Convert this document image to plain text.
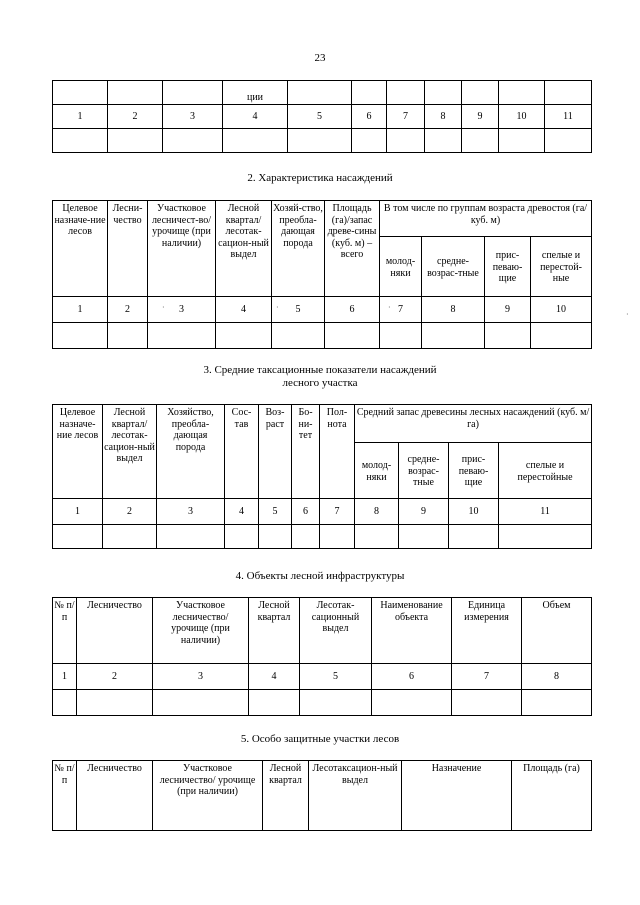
23
			ции							
1	2	3	4	5	6	7	8	9	10	11

2. Характеристика насаждений
Целевое назначе-ние лесов	Лесни-чество	Участковое лесничест-во/урочище (при наличии)	Лесной квартал/ лесотак-сацион-ный выдел	Хозяй-ство, преобла-дающая порода	Площадь (га)/запас древе-сины (куб. м) – всего	В том числе по группам возраста древостоя (га/куб. м)			
						молод-няки	средне-возрас-тные	прис-певаю-щие	спелые и перестой-ные
1	2	3	4	5	6	7	8	9	10

3. Средние таксационные показатели насаждений
лесного участка
Целевое назначе-ние лесов	Лесной квартал/ лесотак-сацион-ный выдел	Хозяйство, преобла-дающая порода	Сос-тав	Воз-раст	Бо-ни-тет	Пол-нота	Средний запас древесины лесных насаждений (куб. м/га)			
							молод-няки	средне-возрас-тные	прис-певаю-щие	спелые и перестойные
1	2	3	4	5	6	7	8	9	10	11

4. Объекты лесной инфраструктуры
№ п/п	Лесничество	Участковое лесничество/ урочище (при наличии)	Лесной квартал	Лесотак-сационный выдел	Наименование объекта	Единица измерения	Объем
1	2	3	4	5	6	7	8

5. Особо защитные участки лесов
№ п/п	Лесничество	Участковое лесничество/ урочище (при наличии)	Лесной квартал	Лесотаксацион-ный выдел	Назначение	Площадь (га)
·	·	·
·
